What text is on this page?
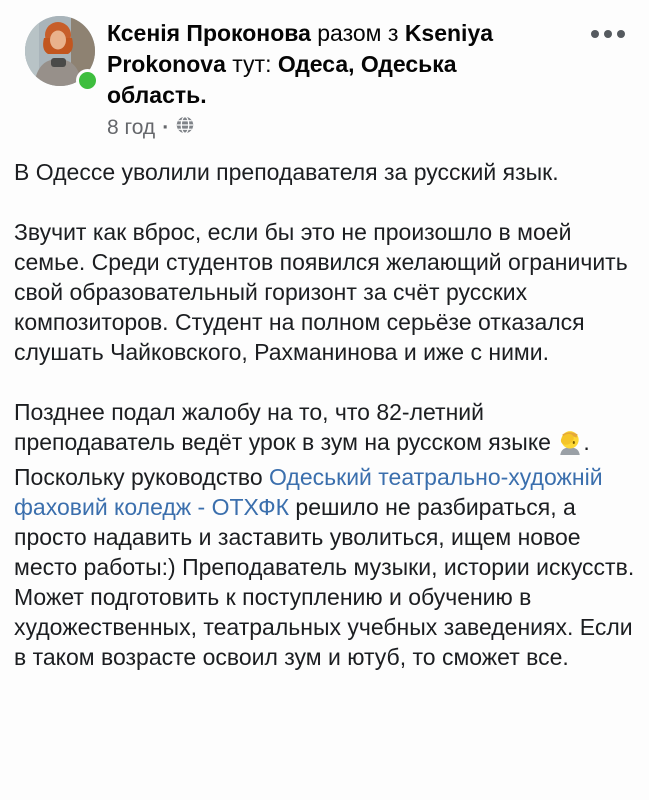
Ксенія Проконова разом з Kseniya Prokonova тут: Одеса, Одеська область.
8 год ·

В Одессе уволили преподавателя за русский язык.

Звучит как вброс, если бы это не произошло в моей семье. Среди студентов появился желающий ограничить свой образовательный горизонт за счёт русских композиторов. Студент на полном серьёзе отказался слушать Чайковского, Рахманинова и иже с ними.

Позднее подал жалобу на то, что 82-летний преподаватель ведёт урок в зум на русском языке . Поскольку руководство Одеський театрально-художній фаховий коледж - ОТХФК решило не разбираться, а просто надавить и заставить уволиться, ищем новое место работы:) Преподаватель музыки, истории искусств. Может подготовить к поступлению и обучению в художественных, театральных учебных заведениях. Если в таком возрасте освоил зум и ютуб, то сможет все.
